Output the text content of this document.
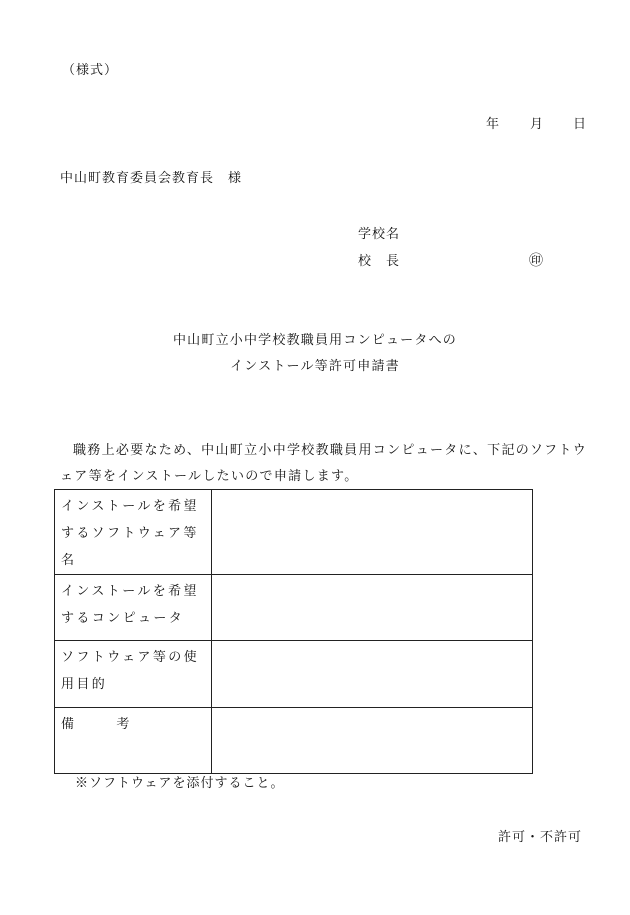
（様式）
年 月 日
中山町教育委員会教育長　様
学校名
校　長	㊞
中山町立小中学校教職員用コンピュータへの
インストール等許可申請書
職務上必要なため、中山町立小中学校教職員用コンピュータに、下記のソフトウェア等をインストールしたいので申請します。
インストールを希望するソフトウェア等名	
インストールを希望するコンピュータ	
ソフトウェア等の使用目的	
備 考	
※ソフトウェアを添付すること。
許可・不許可
